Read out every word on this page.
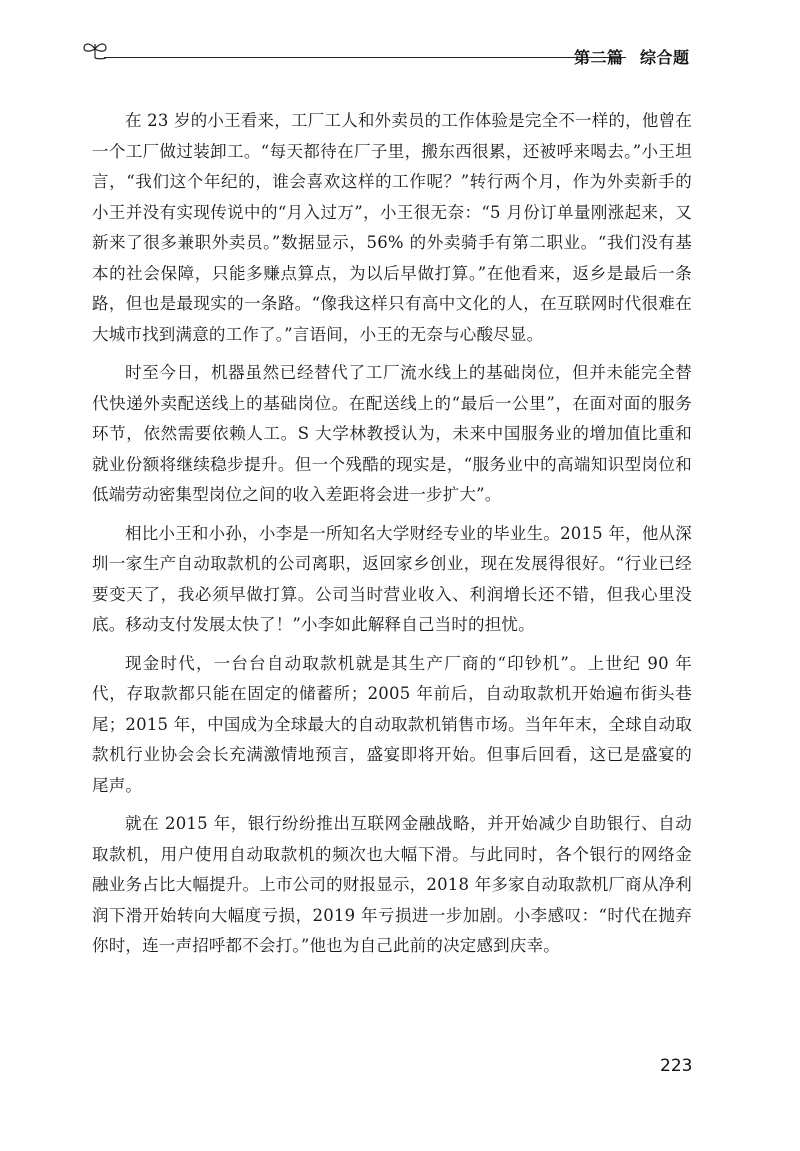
第二篇　综合题

在 23 岁的小王看来，工厂工人和外卖员的工作体验是完全不一样的，他曾在一个工厂做过装卸工。“每天都待在厂子里，搬东西很累，还被呼来喝去。”小王坦言，“我们这个年纪的，谁会喜欢这样的工作呢？”转行两个月，作为外卖新手的小王并没有实现传说中的“月入过万”，小王很无奈：“5 月份订单量刚涨起来，又新来了很多兼职外卖员。”数据显示，56% 的外卖骑手有第二职业。“我们没有基本的社会保障，只能多赚点算点，为以后早做打算。”在他看来，返乡是最后一条路，但也是最现实的一条路。“像我这样只有高中文化的人，在互联网时代很难在大城市找到满意的工作了。”言语间，小王的无奈与心酸尽显。

时至今日，机器虽然已经替代了工厂流水线上的基础岗位，但并未能完全替代快递外卖配送线上的基础岗位。在配送线上的“最后一公里”，在面对面的服务环节，依然需要依赖人工。S 大学林教授认为，未来中国服务业的增加值比重和就业份额将继续稳步提升。但一个残酷的现实是，“服务业中的高端知识型岗位和低端劳动密集型岗位之间的收入差距将会进一步扩大”。

相比小王和小孙，小李是一所知名大学财经专业的毕业生。2015 年，他从深圳一家生产自动取款机的公司离职，返回家乡创业，现在发展得很好。“行业已经要变天了，我必须早做打算。公司当时营业收入、利润增长还不错，但我心里没底。移动支付发展太快了！”小李如此解释自己当时的担忧。

现金时代，一台台自动取款机就是其生产厂商的“印钞机”。上世纪 90 年代，存取款都只能在固定的储蓄所；2005 年前后，自动取款机开始遍布街头巷尾；2015 年，中国成为全球最大的自动取款机销售市场。当年年末，全球自动取款机行业协会会长充满激情地预言，盛宴即将开始。但事后回看，这已是盛宴的尾声。

就在 2015 年，银行纷纷推出互联网金融战略，并开始减少自助银行、自动取款机，用户使用自动取款机的频次也大幅下滑。与此同时，各个银行的网络金融业务占比大幅提升。上市公司的财报显示，2018 年多家自动取款机厂商从净利润下滑开始转向大幅度亏损，2019 年亏损进一步加剧。小李感叹：“时代在抛弃你时，连一声招呼都不会打。”他也为自己此前的决定感到庆幸。

223
